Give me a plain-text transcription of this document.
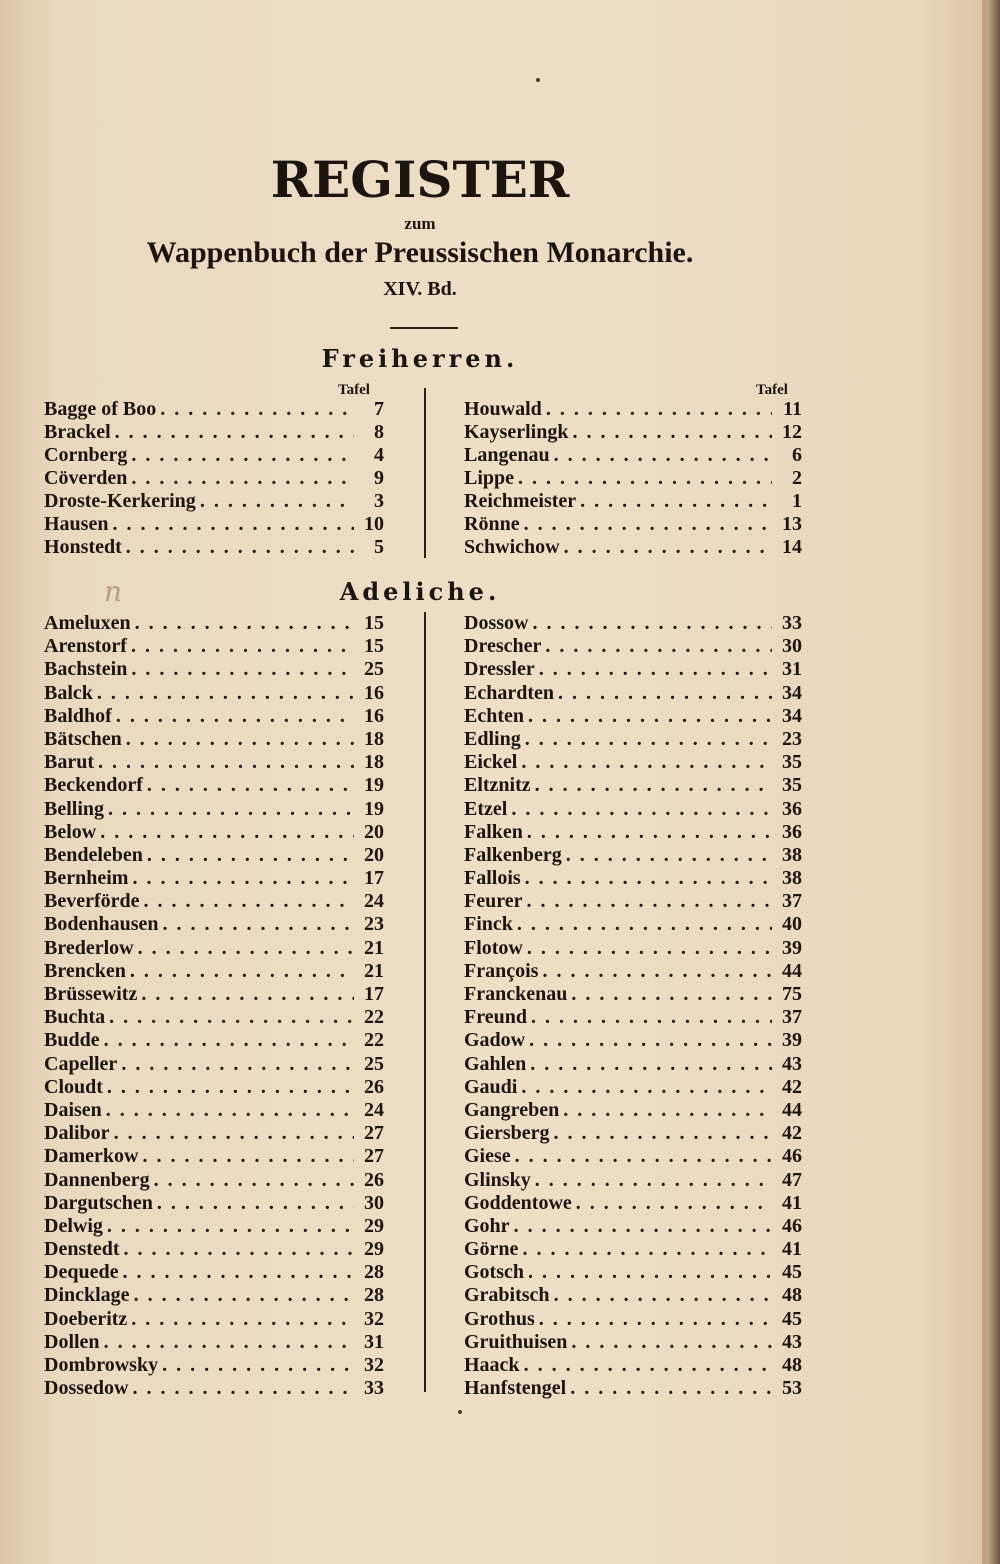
REGISTER
zum
Wappenbuch der Preussischen Monarchie.
XIV. Bd.
Freiherren.
Tafel	Tafel
Bagge of Boo . . .	7
Brackel . . .	8
Cornberg . . .	4
Cöverden . . .	9
Droste-Kerkering . . .	3
Hausen . . .	10
Honstedt . . .	5
Houwald . . .	11
Kayserlingk . . .	12
Langenau . . .	6
Lippe . . .	2
Reichmeister . . .	1
Rönne . . .	13
Schwichow . . .	14
n	Adeliche.
Ameluxen . . .	15
Arenstorf . . .	15
Bachstein . . .	25
Balck . . .	16
Baldhof . . .	16
Bätschen . . .	18
Barut . . .	18
Beckendorf . . .	19
Belling . . .	19
Below . . .	20
Bendeleben . . .	20
Bernheim . . .	17
Beverförde . . .	24
Bodenhausen . . .	23
Brederlow . . .	21
Brencken . . .	21
Brüssewitz . . .	17
Buchta . . .	22
Budde . . .	22
Capeller . . .	25
Cloudt . . .	26
Daisen . . .	24
Dalibor . . .	27
Damerkow . . .	27
Dannenberg . . .	26
Dargutschen . . .	30
Delwig . . .	29
Denstedt . . .	29
Dequede . . .	28
Dincklage . . .	28
Doeberitz . . .	32
Dollen . . .	31
Dombrowsky . . .	32
Dossedow . . .	33
Dossow . . .	33
Drescher . . .	30
Dressler . . .	31
Echardten . . .	34
Echten . . .	34
Edling . . .	23
Eickel . . .	35
Eltznitz . . .	35
Etzel . . .	36
Falken . . .	36
Falkenberg . . .	38
Fallois . . .	38
Feurer . . .	37
Finck . . .	40
Flotow . . .	39
François . . .	44
Franckenau . . .	75
Freund . . .	37
Gadow . . .	39
Gahlen . . .	43
Gaudi . . .	42
Gangreben . . .	44
Giersberg . . .	42
Giese . . .	46
Glinsky . . .	47
Goddentowe . . .	41
Gohr . . .	46
Görne . . .	41
Gotsch . . .	45
Grabitsch . . .	48
Grothus . . .	45
Gruithuisen . . .	43
Haack . . .	48
Hanfstengel . . .	53
